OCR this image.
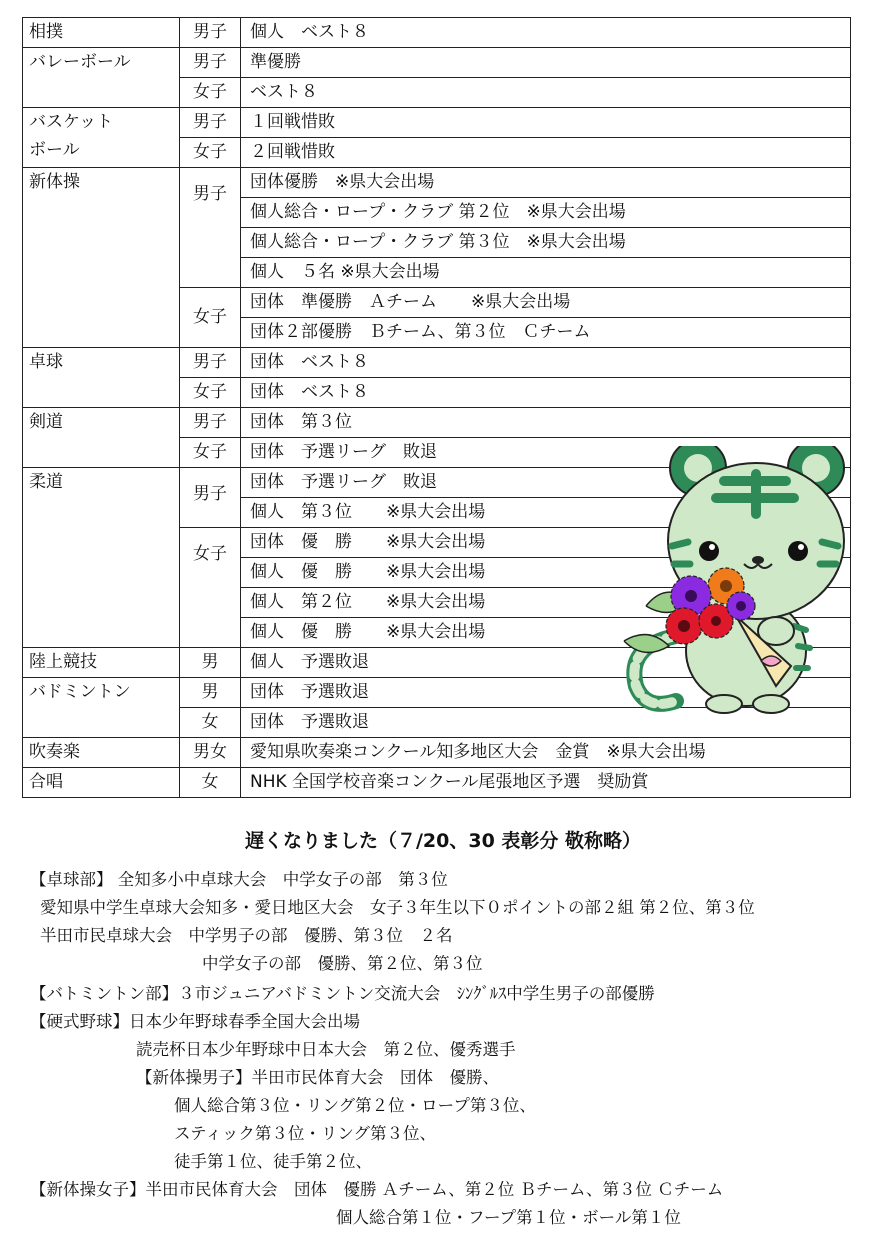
相撲	男子	個人　ベスト８

バレーボール	男子	準優勝
	女子	ベスト８

バスケット
ボール	男子	１回戦惜敗
	女子	２回戦惜敗

新体操	男子	団体優勝　※県大会出場
		個人総合・ロープ・クラブ 第２位　※県大会出場
		個人総合・ロープ・クラブ 第３位　※県大会出場
		個人　５名 ※県大会出場
	女子	団体　準優勝　Ａチーム　　※県大会出場
		団体２部優勝　Ｂチーム、第３位　Ｃチーム

卓球	男子	団体　ベスト８
	女子	団体　ベスト８

剣道	男子	団体　第３位
	女子	団体　予選リーグ　敗退

柔道	男子	団体　予選リーグ　敗退
		個人　第３位　　※県大会出場
	女子	団体　優　勝　　※県大会出場
		個人　優　勝　　※県大会出場
		個人　第２位　　※県大会出場
		個人　優　勝　　※県大会出場

陸上競技	男	個人　予選敗退

バドミントン	男	団体　予選敗退
	女	団体　予選敗退

吹奏楽	男女	愛知県吹奏楽コンクール知多地区大会　金賞　※県大会出場

合唱	女	NHK 全国学校音楽コンクール尾張地区予選　奨励賞
遅くなりました（７/20、30 表彰分 敬称略）
【卓球部】 全知多小中卓球大会　中学女子の部　第３位
愛知県中学生卓球大会知多・愛日地区大会　女子３年生以下０ポイントの部２組 第２位、第３位
半田市民卓球大会　中学男子の部　優勝、第３位　２名
中学女子の部　優勝、第２位、第３位
【バトミントン部】３市ジュニアバドミントン交流大会　ｼﾝｸﾞﾙｽ中学生男子の部優勝
【硬式野球】日本少年野球春季全国大会出場
読売杯日本少年野球中日本大会　第２位、優秀選手
【新体操男子】半田市民体育大会　団体　優勝、
個人総合第３位・リング第２位・ロープ第３位、
スティック第３位・リング第３位、
徒手第１位、徒手第２位、
【新体操女子】半田市民体育大会　団体　優勝 Ａチーム、第２位 Ｂチーム、第３位 Ｃチーム
個人総合第１位・フープ第１位・ボール第１位
